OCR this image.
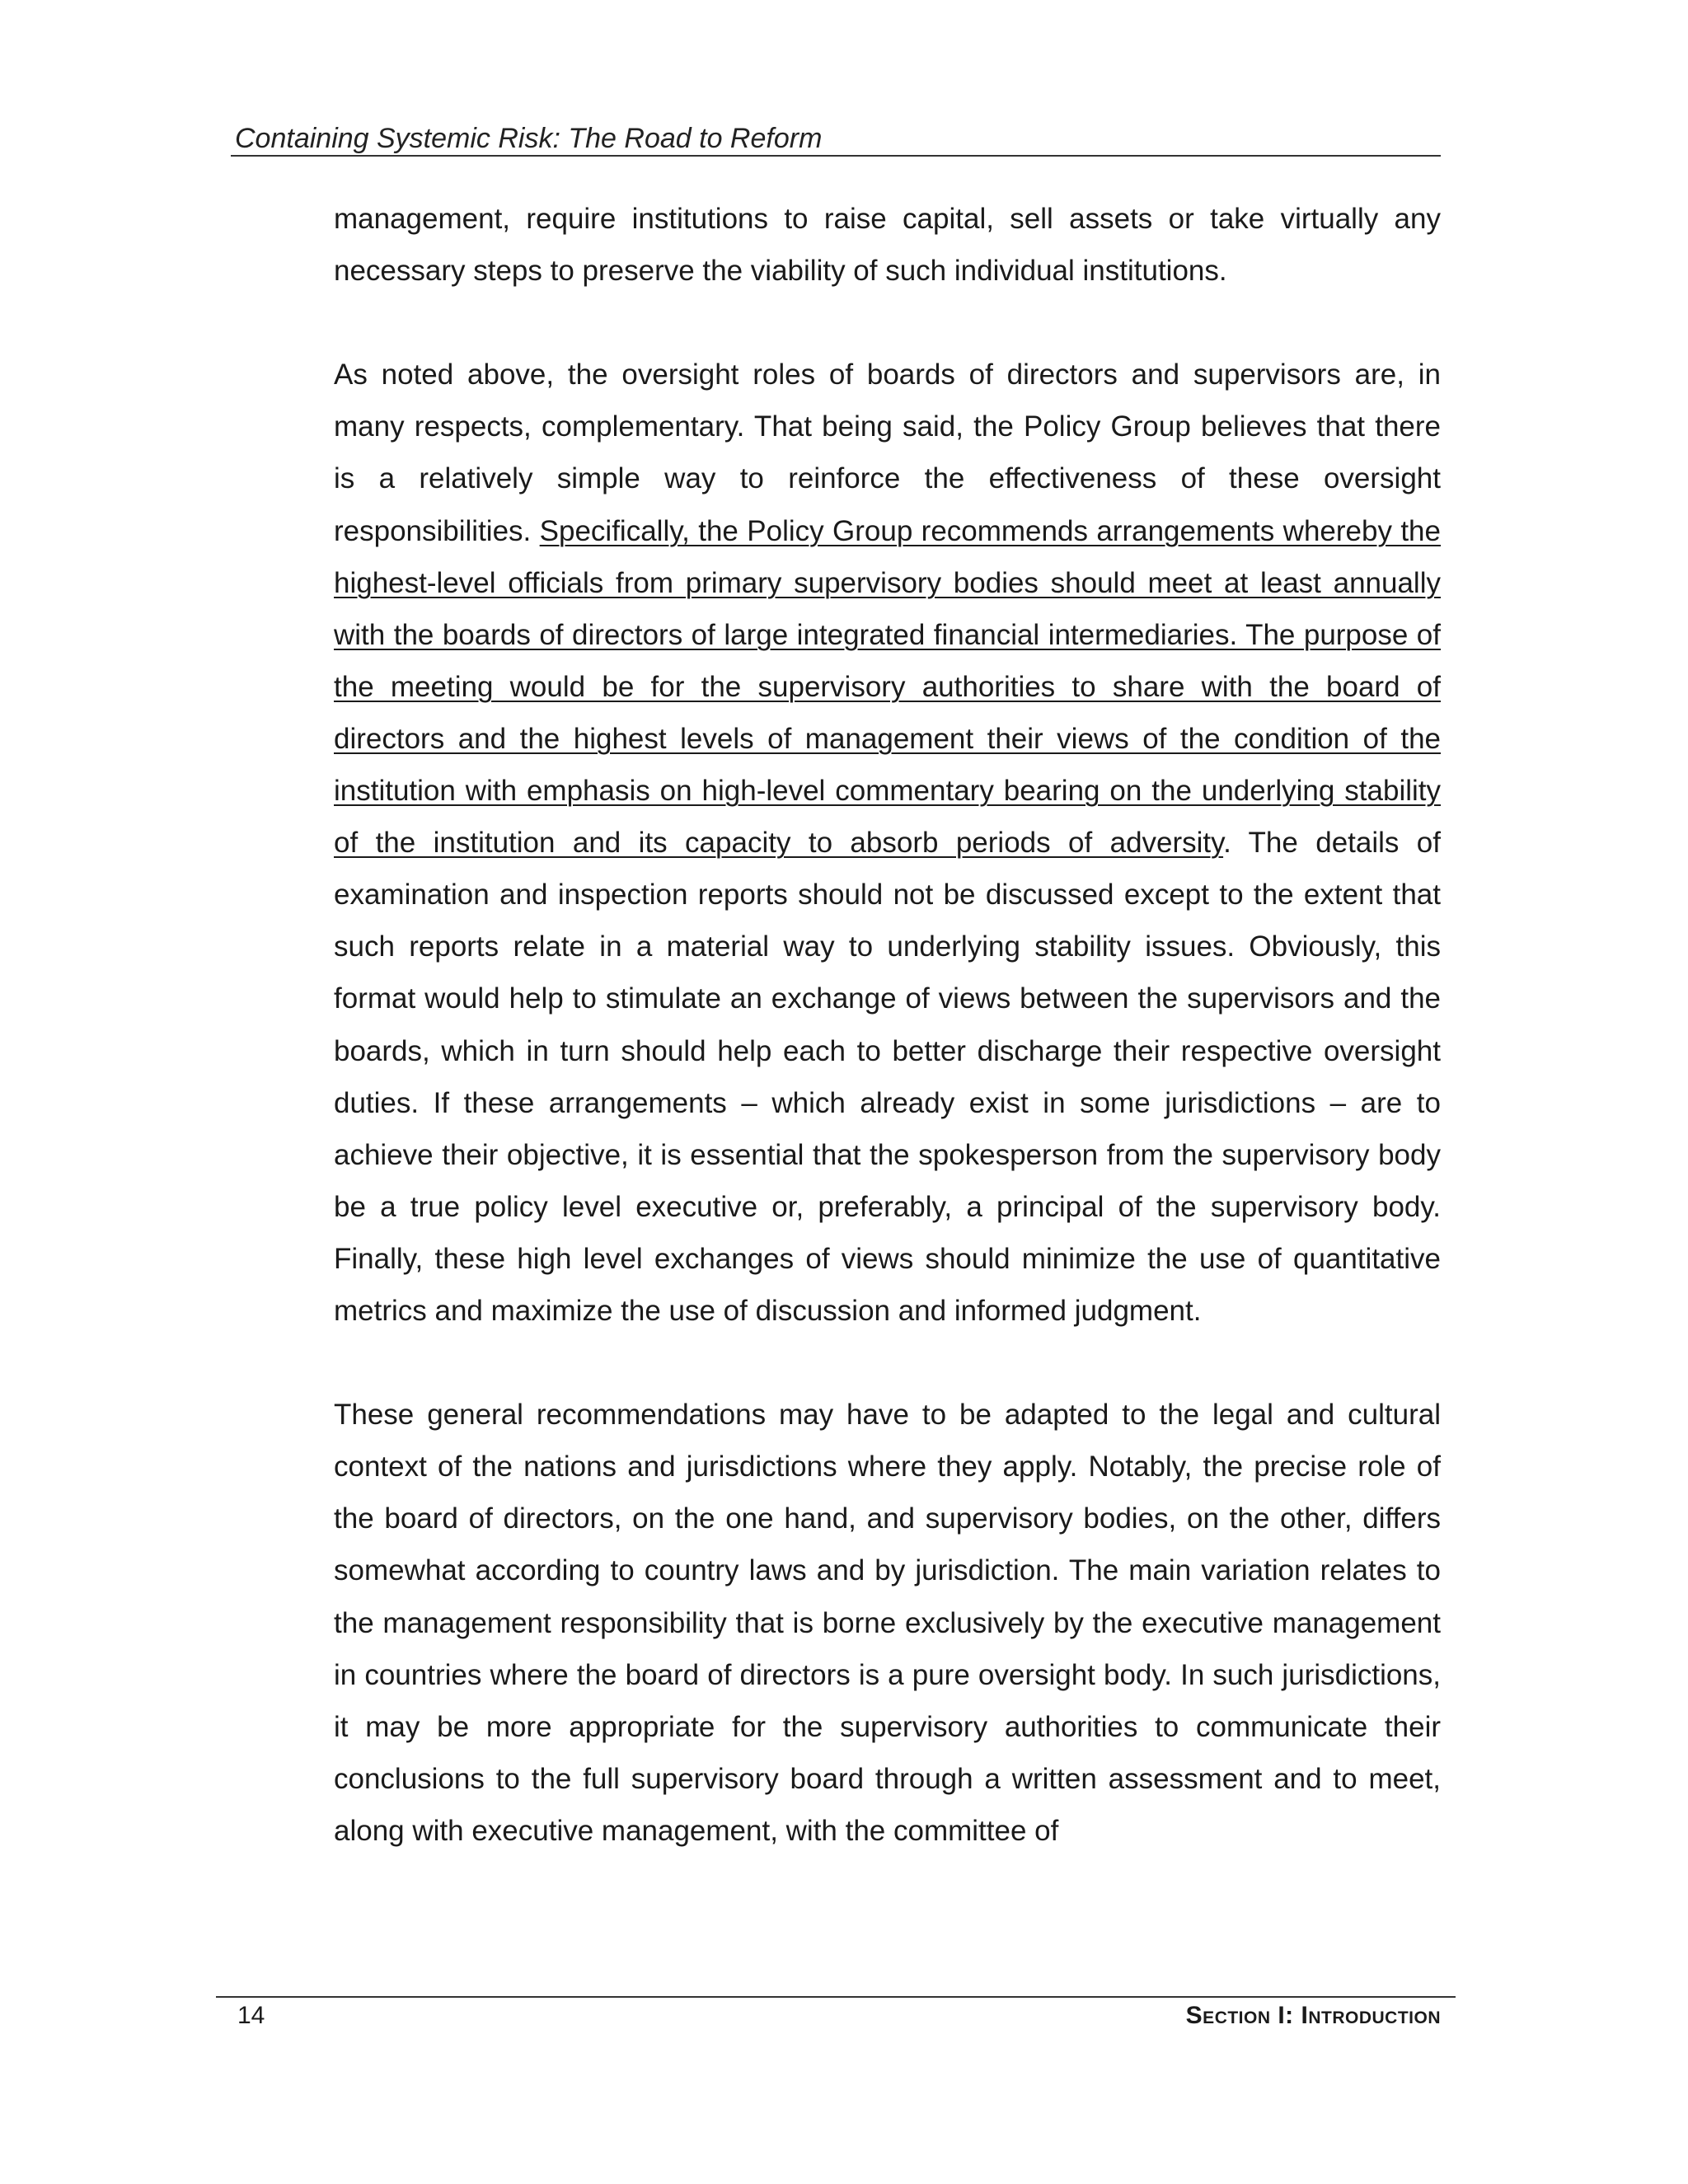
Containing Systemic Risk: The Road to Reform

management, require institutions to raise capital, sell assets or take virtually any necessary steps to preserve the viability of such individual institutions.

As noted above, the oversight roles of boards of directors and supervisors are, in many respects, complementary. That being said, the Policy Group believes that there is a relatively simple way to reinforce the effectiveness of these oversight responsibilities. Specifically, the Policy Group recommends arrangements whereby the highest-level officials from primary supervisory bodies should meet at least annually with the boards of directors of large integrated financial intermediaries. The purpose of the meeting would be for the supervisory authorities to share with the board of directors and the highest levels of management their views of the condition of the institution with emphasis on high-level commentary bearing on the underlying stability of the institution and its capacity to absorb periods of adversity. The details of examination and inspection reports should not be discussed except to the extent that such reports relate in a material way to underlying stability issues. Obviously, this format would help to stimulate an exchange of views between the supervisors and the boards, which in turn should help each to better discharge their respective oversight duties. If these arrangements – which already exist in some jurisdictions – are to achieve their objective, it is essential that the spokesperson from the supervisory body be a true policy level executive or, preferably, a principal of the supervisory body. Finally, these high level exchanges of views should minimize the use of quantitative metrics and maximize the use of discussion and informed judgment.

These general recommendations may have to be adapted to the legal and cultural context of the nations and jurisdictions where they apply. Notably, the precise role of the board of directors, on the one hand, and supervisory bodies, on the other, differs somewhat according to country laws and by jurisdiction. The main variation relates to the management responsibility that is borne exclusively by the executive management in countries where the board of directors is a pure oversight body. In such jurisdictions, it may be more appropriate for the supervisory authorities to communicate their conclusions to the full supervisory board through a written assessment and to meet, along with executive management, with the committee of

14	Section I: Introduction
